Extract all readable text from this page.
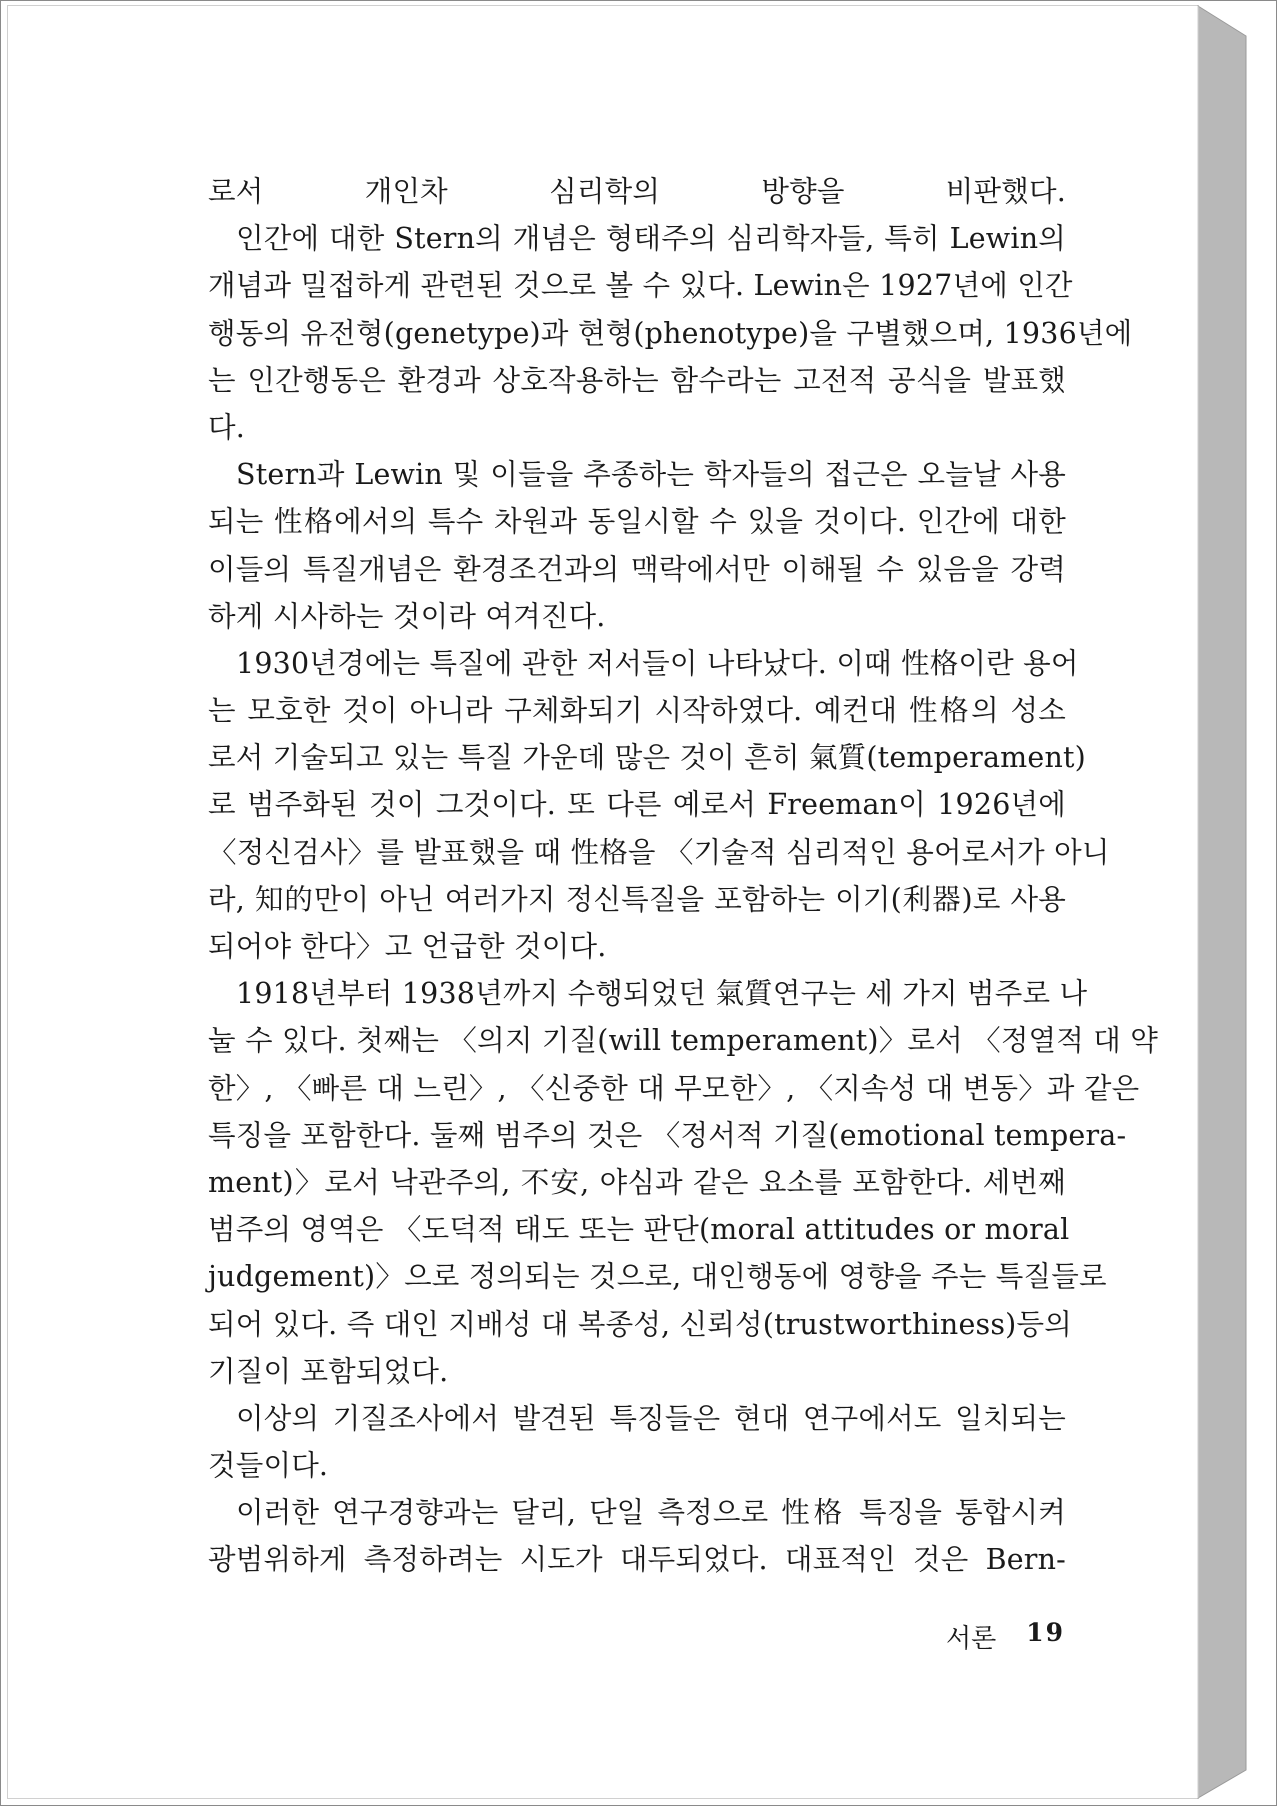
로서 개인차 심리학의 방향을 비판했다.
인간에 대한 Stern의 개념은 형태주의 심리학자들, 특히 Lewin의
개념과 밀접하게 관련된 것으로 볼 수 있다. Lewin은 1927년에 인간
행동의 유전형(genetype)과 현형(phenotype)을 구별했으며, 1936년에
는 인간행동은 환경과 상호작용하는 함수라는 고전적 공식을 발표했
다.
Stern과 Lewin 및 이들을 추종하는 학자들의 접근은 오늘날 사용
되는 性格에서의 특수 차원과 동일시할 수 있을 것이다. 인간에 대한
이들의 특질개념은 환경조건과의 맥락에서만 이해될 수 있음을 강력
하게 시사하는 것이라 여겨진다.
1930년경에는 특질에 관한 저서들이 나타났다. 이때 性格이란 용어
는 모호한 것이 아니라 구체화되기 시작하였다. 예컨대 性格의 성소
로서 기술되고 있는 특질 가운데 많은 것이 흔히 氣質(temperament)
로 범주화된 것이 그것이다. 또 다른 예로서 Freeman이 1926년에
〈정신검사〉를 발표했을 때 性格을 〈기술적 심리적인 용어로서가 아니
라, 知的만이 아닌 여러가지 정신특질을 포함하는 이기(利器)로 사용
되어야 한다〉고 언급한 것이다.
1918년부터 1938년까지 수행되었던 氣質연구는 세 가지 범주로 나
눌 수 있다. 첫째는 〈의지 기질(will temperament)〉로서 〈정열적 대 약
한〉, 〈빠른 대 느린〉, 〈신중한 대 무모한〉, 〈지속성 대 변동〉과 같은
특징을 포함한다. 둘째 범주의 것은 〈정서적 기질(emotional tempera-
ment)〉로서 낙관주의, 不安, 야심과 같은 요소를 포함한다. 세번째
범주의 영역은 〈도덕적 태도 또는 판단(moral attitudes or moral
judgement)〉으로 정의되는 것으로, 대인행동에 영향을 주는 특질들로
되어 있다. 즉 대인 지배성 대 복종성, 신뢰성(trustworthiness)등의
기질이 포함되었다.
이상의 기질조사에서 발견된 특징들은 현대 연구에서도 일치되는
것들이다.
이러한 연구경향과는 달리, 단일 측정으로 性格 특징을 통합시켜
광범위하게 측정하려는 시도가 대두되었다. 대표적인 것은 Bern-
서론 19
